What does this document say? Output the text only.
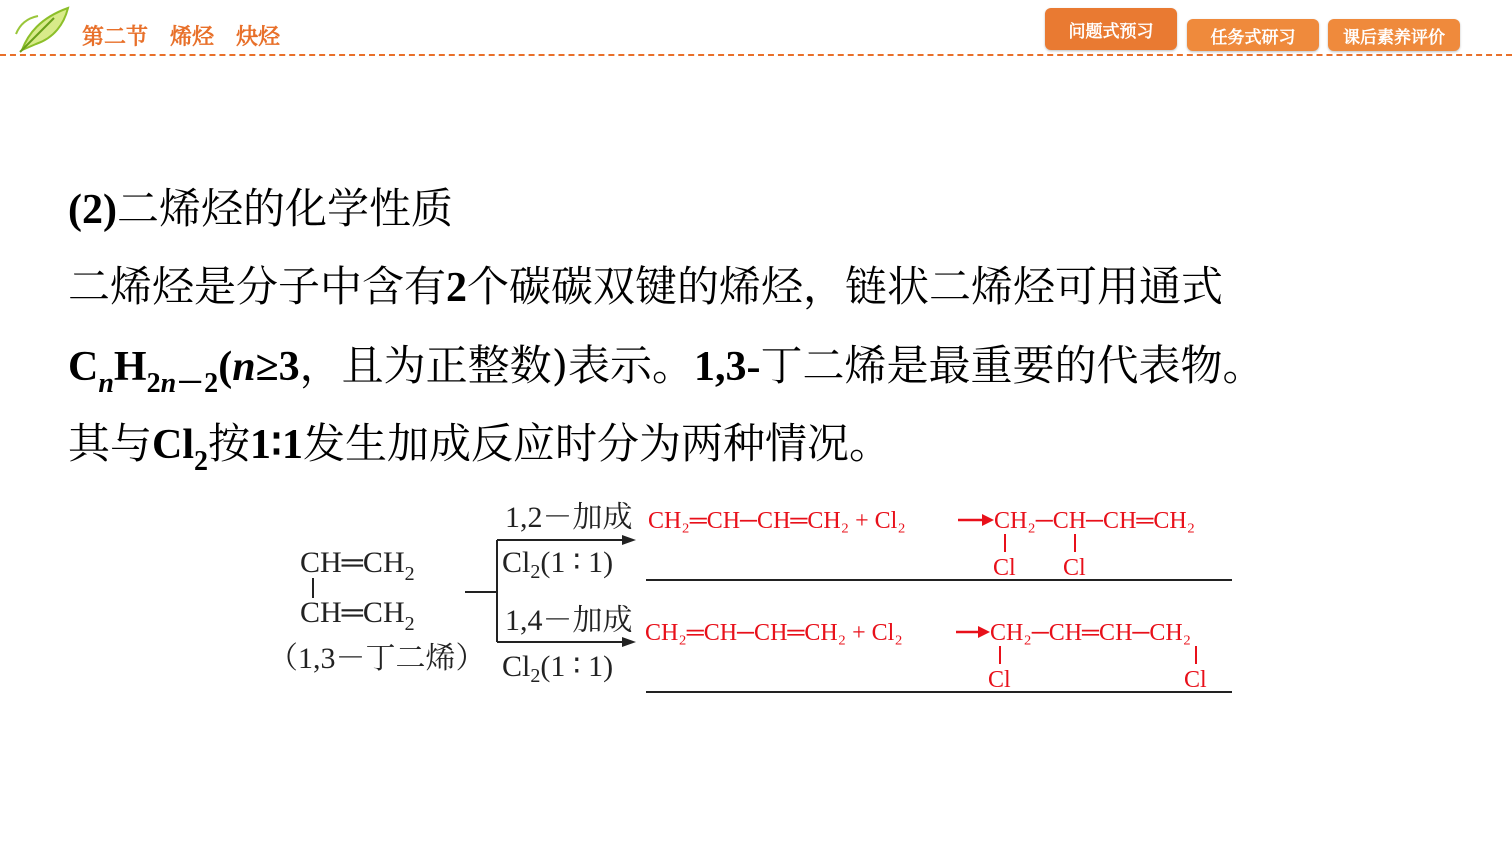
第二节　烯烃　炔烃	问题式预习	任务式研习	课后素养评价
(2)二烯烃的化学性质
二烯烃是分子中含有2个碳碳双键的烯烃，链状二烯烃可用通式
$C_nH_{2n-2}(n\ge 3$，且为正整数)表示。1,3-丁二烯是最重要的代表物。
其与$Cl_2$按1∶1发生加成反应时分为两种情况。
$CH═CH_2$
$CH═CH_2$
（1,3－丁二烯）
1,2－加成
$Cl_2(1$ ∶ 1)
1,4－加成
$Cl_2(1$ ∶ 1)
CH₂═CH─CH═CH₂ + Cl₂	CH₂─CH─CH═CH₂
Cl Cl
CH₂═CH─CH═CH₂ + Cl₂	CH₂─CH═CH─CH₂
Cl	Cl
